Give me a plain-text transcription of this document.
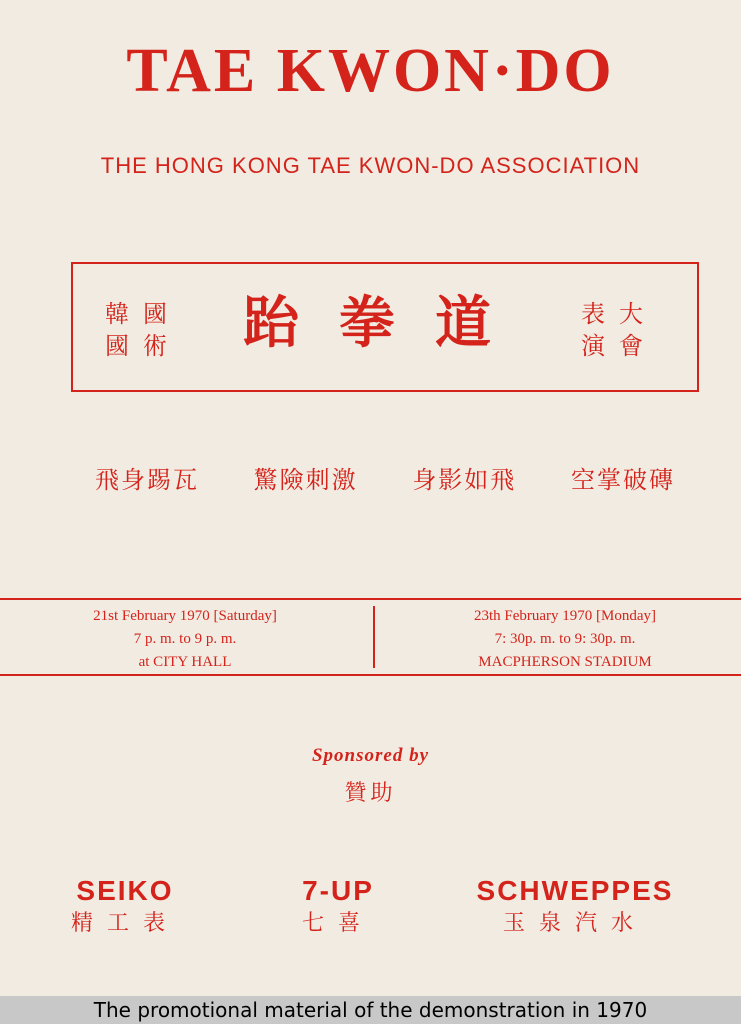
TAE KWON·DO
THE HONG KONG TAE KWON-DO ASSOCIATION
韓國
國術	跆拳道	表大
演會
飛身踢瓦 驚險刺激 身影如飛 空掌破磚
21st February 1970 [Saturday]
7 p. m. to 9 p. m.
at CITY HALL
23th February 1970 [Monday]
7: 30p. m. to 9: 30p. m.
MACPHERSON STADIUM
Sponsored by
贊助
SEIKO
精工表
7-UP
七喜
SCHWEPPES
玉泉汽水
The promotional material of the demonstration in 1970
